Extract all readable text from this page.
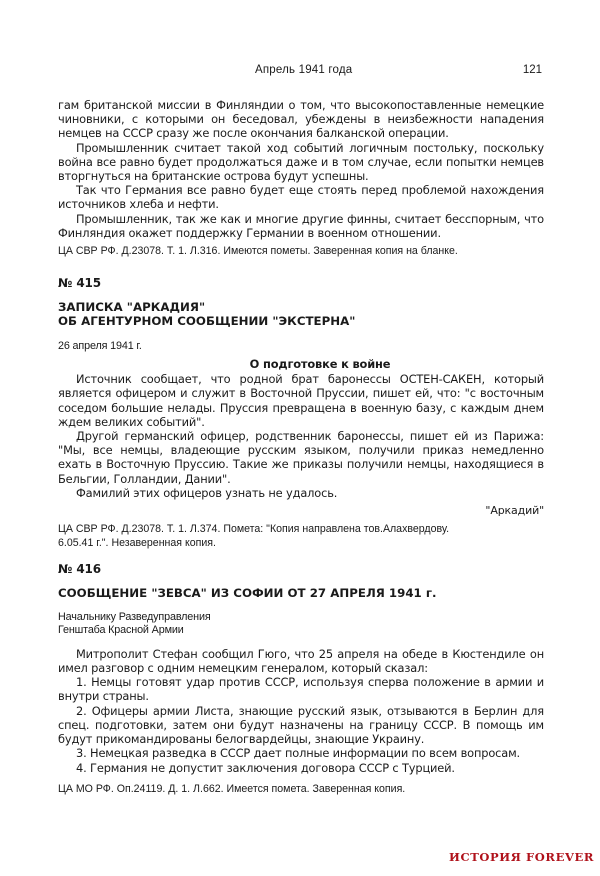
Апрель 1941 года	121

гам британской миссии в Финляндии о том, что высокопоставленные немецкие чиновники, с которыми он беседовал, убеждены в неизбежности нападения немцев на СССР сразу же после окончания балканской операции.

Промышленник считает такой ход событий логичным постольку, поскольку война все равно будет продолжаться даже и в том случае, если попытки немцев вторгнуться на британские острова будут успешны.

Так что Германия все равно будет еще стоять перед проблемой нахождения источников хлеба и нефти.

Промышленник, так же как и многие другие финны, считает бесспорным, что Финляндия окажет поддержку Германии в военном отношении.

ЦА СВР РФ. Д.23078. Т. 1. Л.316. Имеются пометы. Заверенная копия на бланке.

№ 415
ЗАПИСКА "АРКАДИЯ"
ОБ АГЕНТУРНОМ СООБЩЕНИИ "ЭКСТЕРНА"
26 апреля 1941 г.
О подготовке к войне

Источник сообщает, что родной брат баронессы ОСТЕН-САКЕН, который является офицером и служит в Восточной Пруссии, пишет ей, что: "с восточным соседом большие нелады. Пруссия превращена в военную базу, с каждым днем ждем великих событий".

Другой германский офицер, родственник баронессы, пишет ей из Парижа: "Мы, все немцы, владеющие русским языком, получили приказ немедленно ехать в Восточную Пруссию. Такие же приказы получили немцы, находящиеся в Бельгии, Голландии, Дании".

Фамилий этих офицеров узнать не удалось.

"Аркадий"
ЦА СВР РФ. Д.23078. Т. 1. Л.374. Помета: "Копия направлена тов.Алахвердову.
6.05.41 г.". Незаверенная копия.
№ 416
СООБЩЕНИЕ "ЗЕВСА" ИЗ СОФИИ ОТ 27 АПРЕЛЯ 1941 г.
Начальнику Разведуправления
Генштаба Красной Армии

Митрополит Стефан сообщил Гюго, что 25 апреля на обеде в Кюстендиле он имел разговор с одним немецким генералом, который сказал:

1. Немцы готовят удар против СССР, используя сперва положение в армии и внутри страны.

2. Офицеры армии Листа, знающие русский язык, отзываются в Берлин для спец. подготовки, затем они будут назначены на границу СССР. В помощь им будут прикомандированы белогвардейцы, знающие Украину.

3. Немецкая разведка в СССР дает полные информации по всем вопросам.

4. Германия не допустит заключения договора СССР с Турцией.

ЦА МО РФ. Оп.24119. Д. 1. Л.662. Имеется помета. Заверенная копия.

ИСТОРИЯ FOREVER
